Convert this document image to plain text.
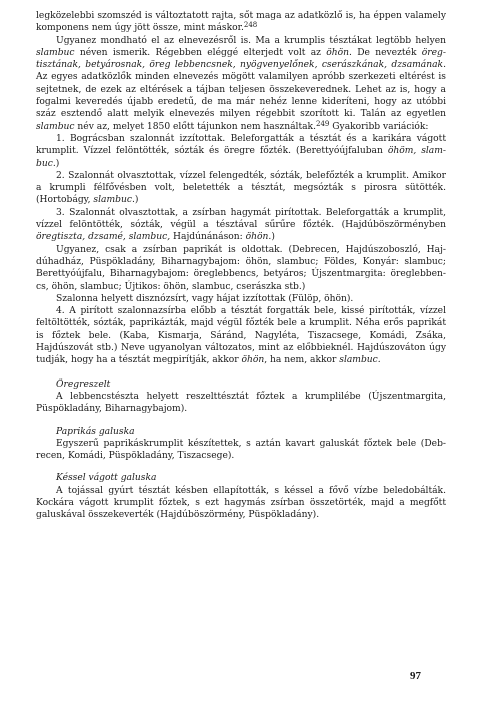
legközelebbi szomszéd is változtatott rajta, sőt maga az adatközlő is, ha éppen valamely komponens nem úgy jött össze, mint máskor.$^{248}$

Ugyanez mondható el az elnevezésről is. Ma a krumplis tésztákat legtöbb helyen slambuc néven ismerik. Régebben eléggé elterjedt volt az öhön. De nevezték öregtisztának, betyárosnak, öreg lebbencsnek, nyögvenyelőnek, cserászkának, dzsamának. Az egyes adatközlők minden elnevezés mögött valamilyen apróbb szerkezeti eltérést is sejtetnek, de ezek az eltérések a tájban teljesen összekeverednek. Lehet az is, hogy a fogalmi keveredés újabb eredetű, de ma már nehéz lenne kideríteni, hogy az utóbbi száz esztendő alatt melyik elnevezés milyen régebbit szorított ki. Talán az egyetlen slambuc név az, melyet 1850 előtt tájunkon nem használtak.$^{249}$ Gyakoribb variációk:

1. Bográcsban szalonnát izzítottak. Beleforgatták a tésztát és a karikára vágott krumplit. Vízzel felöntötték, sózták és öregre főzték. (Berettyóújfaluban öhöm, slambuc.)

2. Szalonnát olvasztottak, vízzel felengedték, sózták, belefőzték a krumplit. Amikor a krumpli félfővésben volt, beletették a tésztát, megsózták s pirosra sütötték. (Hortobágy, slambuc.)

3. Szalonnát olvasztottak, a zsírban hagymát pirítottak. Beleforgatták a krumplit, vízzel felöntötték, sózták, végül a tésztával sűrűre főzték. (Hajdúböszörményben öregtiszta, dzsamé, slambuc, Hajdúnánáson: öhön.)

Ugyanez, csak a zsírban paprikát is oldottak. (Debrecen, Hajdúszoboszló, Hajdúhadház, Püspökladány, Biharnagybajom: öhön, slambuc; Földes, Konyár: slambuc; Berettyóújfalu, Biharnagybajom: öreglebbencs, betyáros; Újszentmargita: öreglebbencs, öhön, slambuc; Újtikos: öhön, slambuc, cserászka stb.)

Szalonna helyett disznózsírt, vagy hájat izzítottak (Fülöp, öhön).

4. A pirított szalonnazsírba előbb a tésztát forgatták bele, kissé pirították, vízzel feltöltötték, sózták, paprikázták, majd végül főzték bele a krumplit. Néha erős paprikát is főztek bele. (Kaba, Kismarja, Sáránd, Nagyléta, Tiszacsege, Komádi, Zsáka, Hajdúszovát stb.) Neve ugyanolyan változatos, mint az előbbieknél. Hajdúszováton úgy tudják, hogy ha a tésztát megpirítják, akkor öhön, ha nem, akkor slambuc.

Öregreszelt

A lebbencstészta helyett reszelttésztát főztek a krumplilébe (Újszentmargita, Püspökladány, Biharnagybajom).

Paprikás galuska

Egyszerű paprikáskrumplit készítettek, s aztán kavart galuskát főztek bele (Debrecen, Komádi, Püspökladány, Tiszacsege).

Késsel vágott galuska

A tojással gyúrt tésztát késben ellapították, s késsel a fővő vízbe beledobálták. Kockára vágott krumplit főztek, s ezt hagymás zsírban összetörték, majd a megfőtt galuskával összekeverték (Hajdúböszörmény, Püspökladány).

97
